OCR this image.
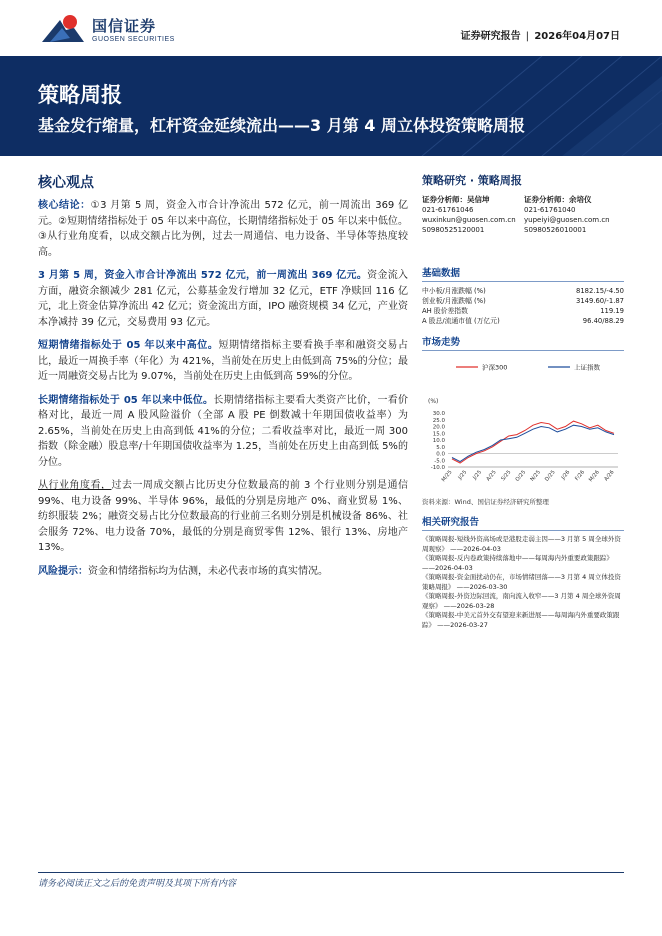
国信证券
GUOSEN SECURITIES	证券研究报告 | 2026年04月07日
策略周报
基金发行缩量，杠杆资金延续流出——3 月第 4 周立体投资策略周报
核心观点

核心结论：①3 月第 5 周，资金入市合计净流出 572 亿元，前一周流出 369 亿元。②短期情绪指标处于 05 年以来中高位，长期情绪指标处于 05 年以来中低位。③从行业角度看，以成交额占比为例，过去一周通信、电力设备、半导体等热度较高。

3 月第 5 周，资金入市合计净流出 572 亿元，前一周流出 369 亿元。资金流入方面，融资余额减少 281 亿元，公募基金发行增加 32 亿元，ETF 净赎回 116 亿元，北上资金估算净流出 42 亿元；资金流出方面，IPO 融资规模 34 亿元，产业资本净减持 39 亿元，交易费用 93 亿元。

短期情绪指标处于 05 年以来中高位。短期情绪指标主要看换手率和融资交易占比，最近一周换手率（年化）为 421%，当前处在历史上由低到高 75%的分位；最近一周融资交易占比为 9.07%，当前处在历史上由低到高 59%的分位。

长期情绪指标处于 05 年以来中低位。长期情绪指标主要看大类资产比价，一看价格对比，最近一周 A 股风险溢价（全部 A 股 PE 倒数减十年期国债收益率）为 2.65%，当前处在历史上由高到低 41%的分位；二看收益率对比，最近一周 300 指数（除金融）股息率/十年期国债收益率为 1.25，当前处在历史上由高到低 5%的分位。

从行业角度看，过去一周成交额占比历史分位数最高的前 3 个行业则分别是通信 99%、电力设备 99%、半导体 96%，最低的分别是房地产 0%、商业贸易 1%、纺织服装 2%；融资交易占比分位数最高的行业前三名则分别是机械设备 86%、社会服务 72%、电力设备 70%，最低的分别是商贸零售 12%、银行 13%、房地产 13%。

风险提示：资金和情绪指标均为估测，未必代表市场的真实情况。

策略研究 · 策略周报
证券分析师：吴信坤
021-61761046
wuxinkun@guosen.com.cn
S0980525120001
证券分析师：余培仪
021-61761040
yupeiyi@guosen.com.cn
S0980526010001
基础数据
中小板/月涨跌幅 (%)	8182.15/-4.50
创业板/月涨跌幅 (%)	3149.60/-1.87
AH 股价差指数	119.19
A 股总/流通市值 (万亿元)	96.40/88.29
市场走势
沪深300	上证指数
(%)
30.0
25.0
20.0
15.0
10.0
5.0
0.0
-5.0
-10.0
M/25 J/25 J/25 A/25 S/25 O/25 N/25 D/25 J/26 F/26 M/26 A/26
资料来源：Wind、国信证券经济研究所整理
相关研究报告
《策略周报-短线外资高场或是港股走弱主因——3 月第 5 周全球外资周观察》 ——2026-04-03
《策略周报-反内卷政策持续落地中——每周海内外重要政策跟踪》 ——2026-04-03
《策略周报-资金面扰动仍在，市场情绪回落——3 月第 4 周立体投资策略周报》 ——2026-03-30
《策略周报-外资边际回流，南向流入收窄——3 月第 4 周全球外资周观察》 ——2026-03-28
《策略周报-中美元首外交有望迎来新进展——每周海内外重要政策跟踪》 ——2026-03-27
请务必阅读正文之后的免责声明及其项下所有内容
